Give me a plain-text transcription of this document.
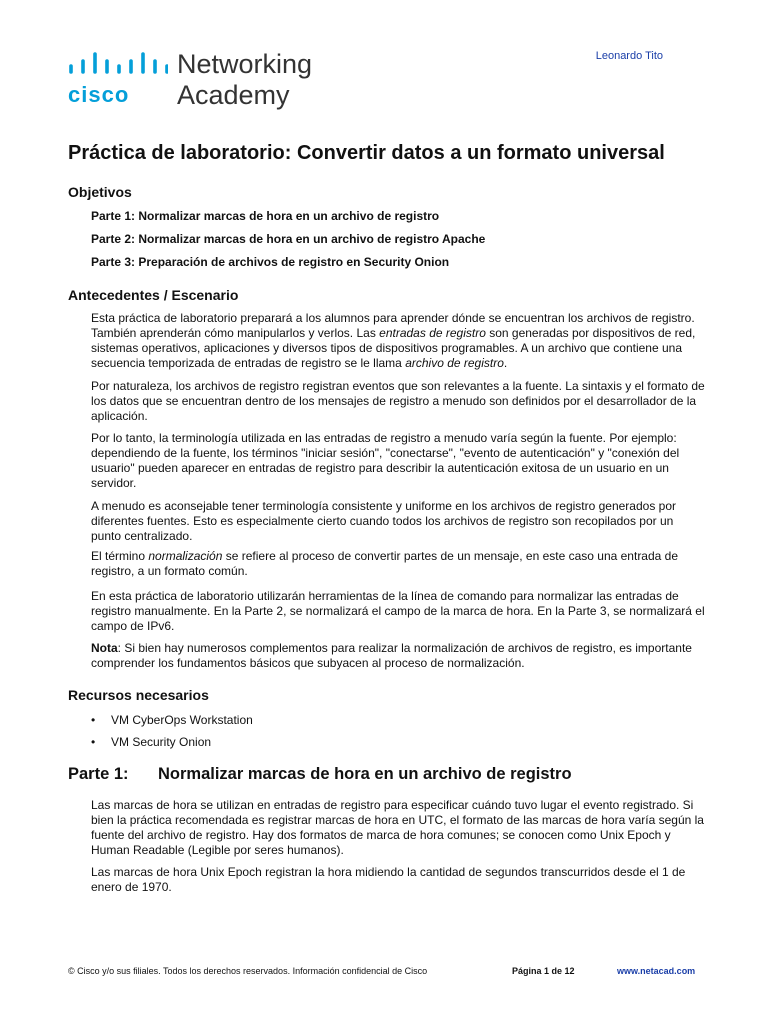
cisco
Networking
Academy
Leonardo Tito
Práctica de laboratorio: Convertir datos a un formato universal
Objetivos
Parte 1: Normalizar marcas de hora en un archivo de registro
Parte 2: Normalizar marcas de hora en un archivo de registro Apache
Parte 3: Preparación de archivos de registro en Security Onion
Antecedentes / Escenario
Esta práctica de laboratorio preparará a los alumnos para aprender dónde se encuentran los archivos de registro. También aprenderán cómo manipularlos y verlos. Las entradas de registro son generadas por dispositivos de red, sistemas operativos, aplicaciones y diversos tipos de dispositivos programables. A un archivo que contiene una secuencia temporizada de entradas de registro se le llama archivo de registro.
Por naturaleza, los archivos de registro registran eventos que son relevantes a la fuente. La sintaxis y el formato de los datos que se encuentran dentro de los mensajes de registro a menudo son definidos por el desarrollador de la aplicación.
Por lo tanto, la terminología utilizada en las entradas de registro a menudo varía según la fuente. Por ejemplo: dependiendo de la fuente, los términos "iniciar sesión", "conectarse", "evento de autenticación" y "conexión del usuario" pueden aparecer en entradas de registro para describir la autenticación exitosa de un usuario en un servidor.
A menudo es aconsejable tener terminología consistente y uniforme en los archivos de registro generados por diferentes fuentes. Esto es especialmente cierto cuando todos los archivos de registro son recopilados por un punto centralizado.
El término normalización se refiere al proceso de convertir partes de un mensaje, en este caso una entrada de registro, a un formato común.
En esta práctica de laboratorio utilizarán herramientas de la línea de comando para normalizar las entradas de registro manualmente. En la Parte 2, se normalizará el campo de la marca de hora. En la Parte 3, se normalizará el campo de IPv6.
Nota: Si bien hay numerosos complementos para realizar la normalización de archivos de registro, es importante comprender los fundamentos básicos que subyacen al proceso de normalización.
Recursos necesarios
• VM CyberOps Workstation
• VM Security Onion
Parte 1: Normalizar marcas de hora en un archivo de registro
Las marcas de hora se utilizan en entradas de registro para especificar cuándo tuvo lugar el evento registrado. Si bien la práctica recomendada es registrar marcas de hora en UTC, el formato de las marcas de hora varía según la fuente del archivo de registro. Hay dos formatos de marca de hora comunes; se conocen como Unix Epoch y Human Readable (Legible por seres humanos).
Las marcas de hora Unix Epoch registran la hora midiendo la cantidad de segundos transcurridos desde el 1 de enero de 1970.
© Cisco y/o sus filiales. Todos los derechos reservados. Información confidencial de Cisco	Página 1 de 12	www.netacad.com
